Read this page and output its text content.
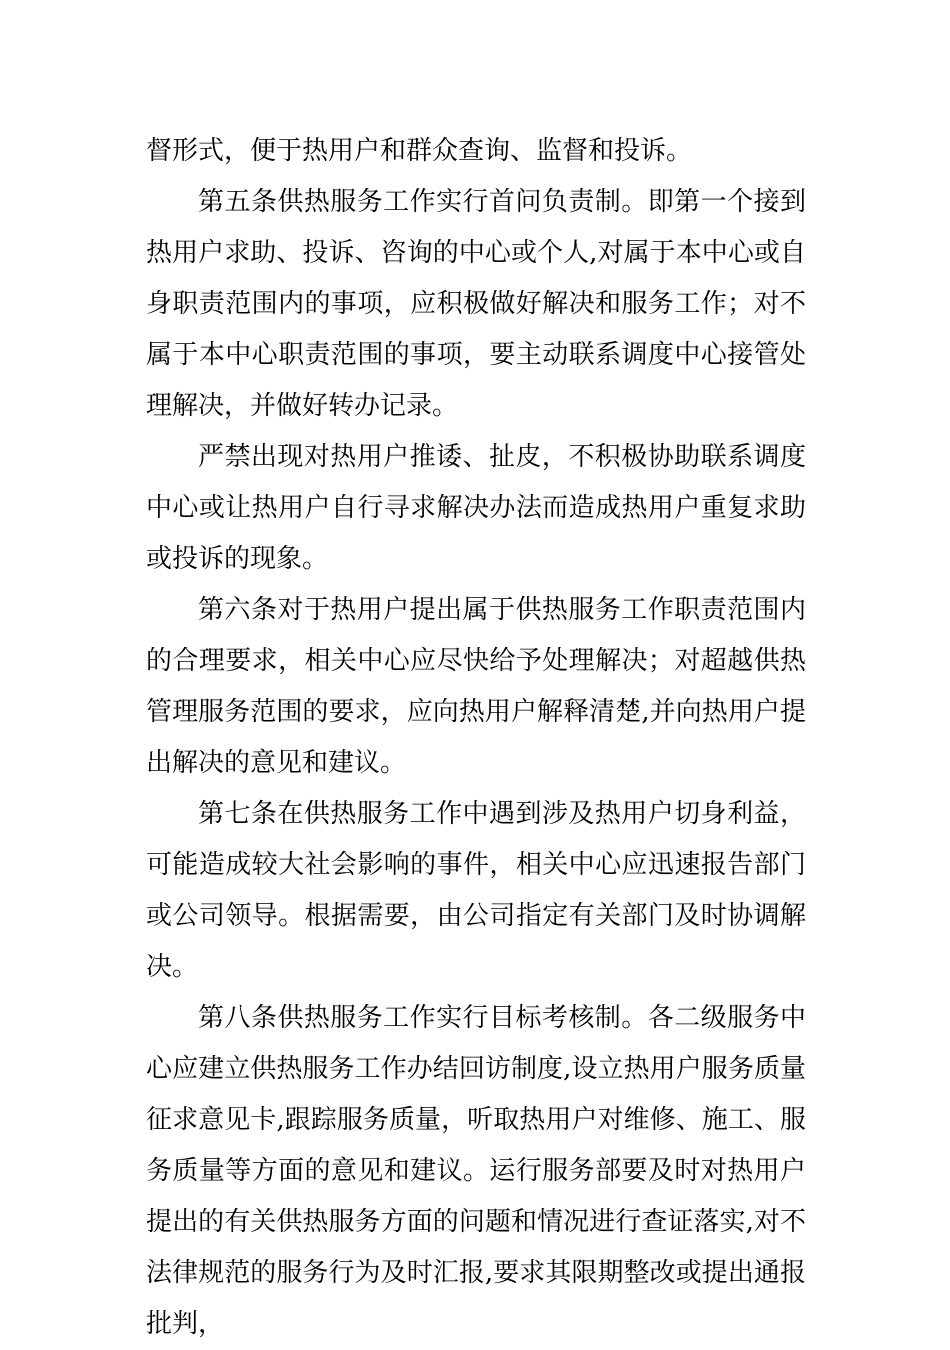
督形式，便于热用户和群众查询、监督和投诉。

第五条供热服务工作实行首问负责制。即第一个接到热用户求助、投诉、咨询的中心或个人,对属于本中心或自身职责范围内的事项，应积极做好解决和服务工作；对不属于本中心职责范围的事项，要主动联系调度中心接管处理解决，并做好转办记录。

严禁出现对热用户推诿、扯皮，不积极协助联系调度中心或让热用户自行寻求解决办法而造成热用户重复求助或投诉的现象。

第六条对于热用户提出属于供热服务工作职责范围内的合理要求，相关中心应尽快给予处理解决；对超越供热管理服务范围的要求，应向热用户解释清楚,并向热用户提出解决的意见和建议。

第七条在供热服务工作中遇到涉及热用户切身利益，可能造成较大社会影响的事件，相关中心应迅速报告部门或公司领导。根据需要，由公司指定有关部门及时协调解决。

第八条供热服务工作实行目标考核制。各二级服务中心应建立供热服务工作办结回访制度,设立热用户服务质量征求意见卡,跟踪服务质量，听取热用户对维修、施工、服务质量等方面的意见和建议。运行服务部要及时对热用户提出的有关供热服务方面的问题和情况进行查证落实,对不法律规范的服务行为及时汇报,要求其限期整改或提出通报批判，
